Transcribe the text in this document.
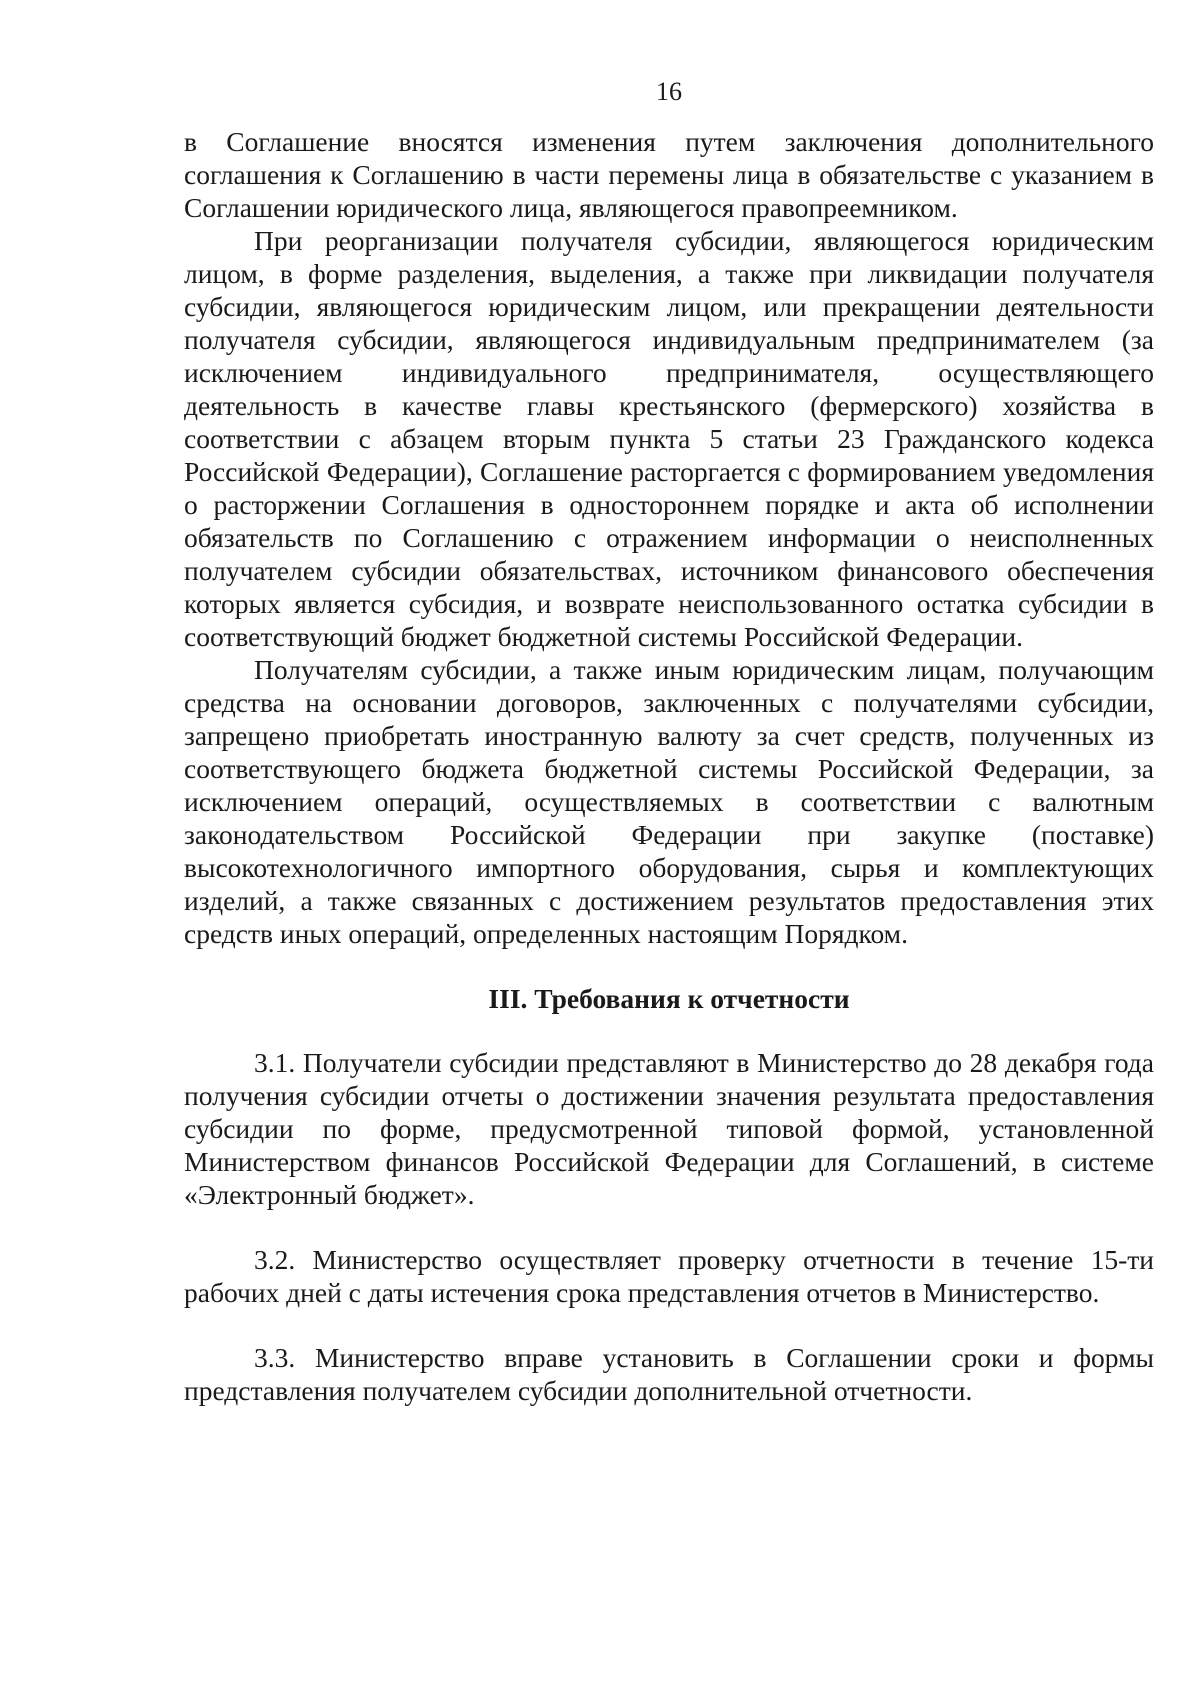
16

в Соглашение вносятся изменения путем заключения дополнительного соглашения к Соглашению в части перемены лица в обязательстве с указанием в Соглашении юридического лица, являющегося правопреемником.

При реорганизации получателя субсидии, являющегося юридическим лицом, в форме разделения, выделения, а также при ликвидации получателя субсидии, являющегося юридическим лицом, или прекращении деятельности получателя субсидии, являющегося индивидуальным предпринимателем (за исключением индивидуального предпринимателя, осуществляющего деятельность в качестве главы крестьянского (фермерского) хозяйства в соответствии с абзацем вторым пункта 5 статьи 23 Гражданского кодекса Российской Федерации), Соглашение расторгается с формированием уведомления о расторжении Соглашения в одностороннем порядке и акта об исполнении обязательств по Соглашению с отражением информации о неисполненных получателем субсидии обязательствах, источником финансового обеспечения которых является субсидия, и возврате неиспользованного остатка субсидии в соответствующий бюджет бюджетной системы Российской Федерации.

Получателям субсидии, а также иным юридическим лицам, получающим средства на основании договоров, заключенных с получателями субсидии, запрещено приобретать иностранную валюту за счет средств, полученных из соответствующего бюджета бюджетной системы Российской Федерации, за исключением операций, осуществляемых в соответствии с валютным законодательством Российской Федерации при закупке (поставке) высокотехнологичного импортного оборудования, сырья и комплектующих изделий, а также связанных с достижением результатов предоставления этих средств иных операций, определенных настоящим Порядком.

III. Требования к отчетности

3.1. Получатели субсидии представляют в Министерство до 28 декабря года получения субсидии отчеты о достижении значения результата предоставления субсидии по форме, предусмотренной типовой формой, установленной Министерством финансов Российской Федерации для Соглашений, в системе «Электронный бюджет».

3.2. Министерство осуществляет проверку отчетности в течение 15-ти рабочих дней с даты истечения срока представления отчетов в Министерство.

3.3. Министерство вправе установить в Соглашении сроки и формы представления получателем субсидии дополнительной отчетности.
